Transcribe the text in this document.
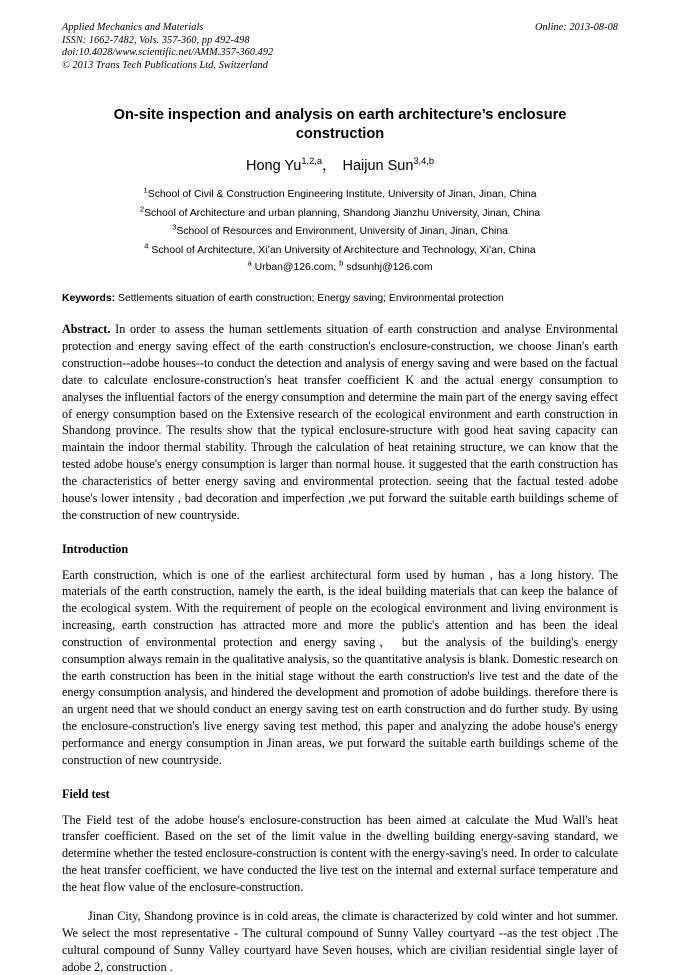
Applied Mechanics and Materials
ISSN: 1662-7482, Vols. 357-360, pp 492-498
doi:10.4028/www.scientific.net/AMM.357-360.492
© 2013 Trans Tech Publications Ltd, Switzerland
Online: 2013-08-08
On-site inspection and analysis on earth architecture’s enclosure construction
Hong Yu$^{1,2,a}$， Haijun Sun$^{3,4,b}$
$^1$School of Civil & Construction Engineering Institute, University of Jinan, Jinan, China
$^2$School of Architecture and urban planning, Shandong Jianzhu University, Jinan, China
$^3$School of Resources and Environment, University of Jinan, Jinan, China
$^4$ School of Architecture, Xi’an University of Architecture and Technology, Xi’an, China
$^a$ Urban@126.com, $^b$ sdsunhj@126.com
Keywords: Settlements situation of earth construction; Energy saving; Environmental protection
Abstract. In order to assess the human settlements situation of earth construction and analyse Environmental protection and energy saving effect of the earth construction's enclosure-construction, we choose Jinan's earth construction--adobe houses--to conduct the detection and analysis of energy saving and were based on the factual date to calculate enclosure-construction's heat transfer coefficient K and the actual energy consumption to analyses the influential factors of the energy consumption and determine the main part of the energy saving effect of energy consumption based on the Extensive research of the ecological environment and earth construction in Shandong province. The results show that the typical enclosure-structure with good heat saving capacity can maintain the indoor thermal stability. Through the calculation of heat retaining structure, we can know that the tested adobe house's energy consumption is larger than normal house. it suggested that the earth construction has the characteristics of better energy saving and environmental protection. seeing that the factual tested adobe house's lower intensity , bad decoration and imperfection ,we put forward the suitable earth buildings scheme of the construction of new countryside.
Introduction

Earth construction, which is one of the earliest architectural form used by human , has a long history. The materials of the earth construction, namely the earth, is the ideal building materials that can keep the balance of the ecological system. With the requirement of people on the ecological environment and living environment is increasing, earth construction has attracted more and more the public's attention and has been the ideal construction of environmental protection and energy saving， but the analysis of the building's energy consumption always remain in the qualitative analysis, so the quantitative analysis is blank. Domestic research on the earth construction has been in the initial stage without the earth construction's live test and the date of the energy consumption analysis, and hindered the development and promotion of adobe buildings. therefore there is an urgent need that we should conduct an energy saving test on earth construction and do further study. By using the enclosure-construction's live energy saving test method, this paper and analyzing the adobe house's energy performance and energy consumption in Jinan areas, we put forward the suitable earth buildings scheme of the construction of new countryside.

Field test

The Field test of the adobe house's enclosure-construction has been aimed at calculate the Mud Wall's heat transfer coefficient. Based on the set of the limit value in the dwelling building energy-saving standard, we determine whether the tested enclosure-construction is content with the energy-saving's need. In order to calculate the heat transfer coefficient, we have conducted the live test on the internal and external surface temperature and the heat flow value of the enclosure-construction.

Jinan City, Shandong province is in cold areas, the climate is characterized by cold winter and hot summer. We select the most representative - The cultural compound of Sunny Valley courtyard --as the test object .The cultural compound of Sunny Valley courtyard have Seven houses, which are civilian residential single layer of adobe 2, construction .
